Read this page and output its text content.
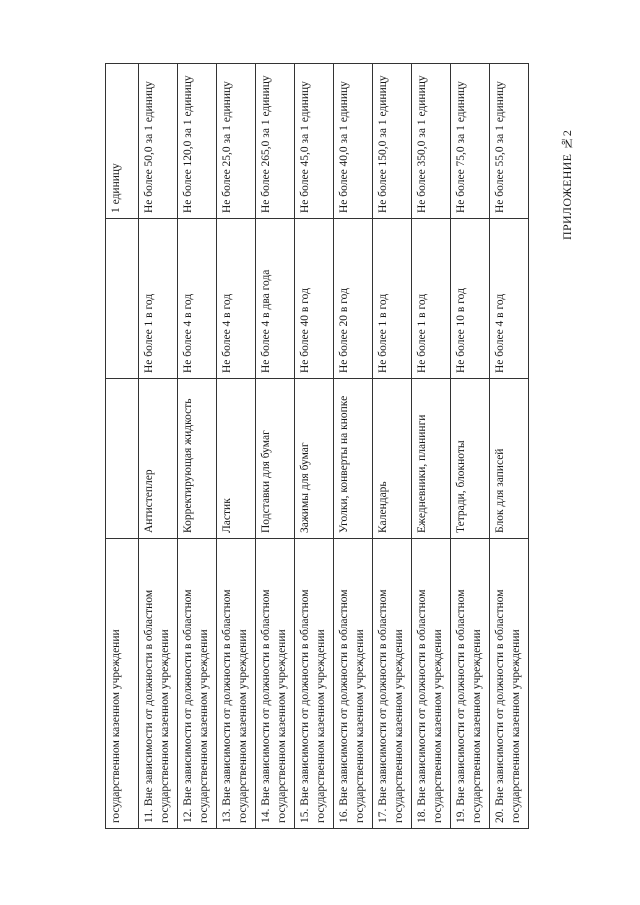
ПРИЛОЖЕНИЕ №2
государственном казенном учреждении			1 единицу
11. Вне зависимости от должности в областном государственном казенном учреждении	Антистеплер	Не более 1 в год	Не более 50,0 за 1 единицу
12. Вне зависимости от должности в областном государственном казенном учреждении	Корректирующая жидкость	Не более 4 в год	Не более 120,0 за 1 единицу
13. Вне зависимости от должности в областном государственном казенном учреждении	Ластик	Не более 4 в год	Не более 25,0 за 1 единицу
14. Вне зависимости от должности в областном государственном казенном учреждении	Подставки для бумаг	Не более 4 в два года	Не более 265,0 за 1 единицу
15. Вне зависимости от должности в областном государственном казенном учреждении	Зажимы для бумаг	Не более 40 в год	Не более 45,0 за 1 единицу
16. Вне зависимости от должности в областном государственном казенном учреждении	Уголки, конверты на кнопке	Не более 20 в год	Не более 40,0 за 1 единицу
17. Вне зависимости от должности в областном государственном казенном учреждении	Календарь	Не более 1 в год	Не более 150,0 за 1 единицу
18. Вне зависимости от должности в областном государственном казенном учреждении	Ежедневники, планинги	Не более 1 в год	Не более 350,0 за 1 единицу
19. Вне зависимости от должности в областном государственном казенном учреждении	Тетради, блокноты	Не более 10 в год	Не более 75,0 за 1 единицу
20. Вне зависимости от должности в областном государственном казенном учреждении	Блок для записей	Не более 4 в год	Не более 55,0 за 1 единицу
